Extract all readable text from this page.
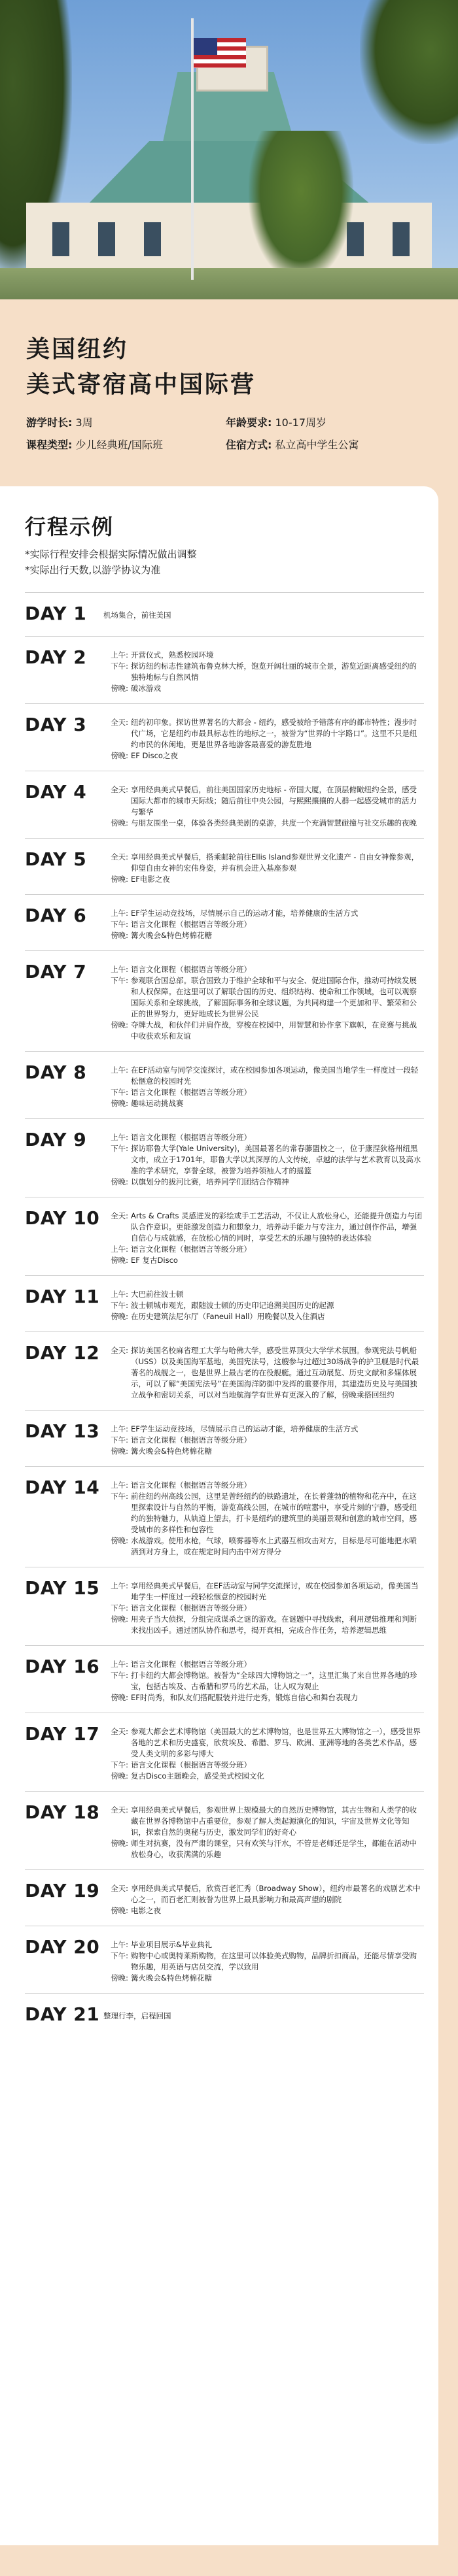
美国纽约
美式寄宿高中国际营
游学时长: 3周	年龄要求: 10-17周岁
课程类型: 少儿经典班/国际班	住宿方式: 私立高中学生公寓
行程示例
*实际行程安排会根据实际情况做出调整
*实际出行天数,以游学协议为准
DAY 1	机场集合，前往美国
DAY 2	上午: 开营仪式，熟悉校园环境
下午: 探访纽约标志性建筑布鲁克林大桥，饱览开阔壮丽的城市全景，游览近距离感受纽约的独特地标与自然风情
傍晚: 破冰游戏
DAY 3	全天: 纽约初印象。探访世界著名的大都会 - 纽约，感受被给予错落有序的都市特性；漫步时代广场，它是纽约市最具标志性的地标之一，被誉为“世界的十字路口”。这里不只是纽约市民的休闲地，更是世界各地游客最喜爱的游览胜地
傍晚: EF Disco之夜
DAY 4	全天: 享用经典美式早餐后，前往美国国家历史地标 - 帝国大厦，在顶层俯瞰纽约全景，感受国际大都市的城市天际线；随后前往中央公园，与熙熙攘攘的人群一起感受城市的活力与繁华
傍晚: 与朋友围坐一桌，体验各类经典美剧的桌游，共度一个充满智慧碰撞与社交乐趣的夜晚
DAY 5	全天: 享用经典美式早餐后，搭乘邮轮前往Ellis Island参观世界文化遗产 - 自由女神像参观，仰望自由女神的宏伟身姿，并有机会进入基座参观
傍晚: EF电影之夜
DAY 6	上午: EF学生运动竞技场，尽情展示自己的运动才能，培养健康的生活方式
下午: 语言文化课程（根据语言等级分班）
傍晚: 篝火晚会&特色烤棉花糖
DAY 7	上午: 语言文化课程（根据语言等级分班）
下午: 参观联合国总部。联合国致力于维护全球和平与安全、促进国际合作，推动可持续发展和人权保障。在这里可以了解联合国的历史、组织结构、使命和工作领域，也可以观察国际关系和全球挑战，了解国际事务和全球议题，为共同构建一个更加和平、繁荣和公正的世界努力，更好地成长为世界公民
傍晚: 夺牌大战，和伙伴们并肩作战，穿梭在校园中，用智慧和协作拿下旗帜，在竞赛与挑战中收获欢乐和友谊
DAY 8	上午: 在EF活动室与同学交流探讨，或在校园参加各项运动，像美国当地学生一样度过一段轻松惬意的校园时光
下午: 语言文化课程（根据语言等级分班）
傍晚: 趣味运动挑战赛
DAY 9	上午: 语言文化课程（根据语言等级分班）
下午: 探访耶鲁大学(Yale University)，美国最著名的常春藤盟校之一，位于康涅狄格州纽黑文市，成立于1701年，耶鲁大学以其深厚的人文传统，卓越的法学与艺术教育以及高水准的学术研究，享誉全球，被誉为培养领袖人才的摇篮
傍晚: 以旗划分的拔河比赛，培养同学们团结合作精神
DAY 10	全天: Arts & Crafts 灵感迸发的彩绘或手工艺活动，不仅让人放松身心，还能提升创造力与团队合作意识。更能激发创造力和想象力，培养动手能力与专注力，通过创作作品，增强自信心与成就感，在放松心情的同时，享受艺术的乐趣与独特的表达体验
上午: 语言文化课程（根据语言等级分班）
傍晚: EF 复古Disco
DAY 11	上午: 大巴前往波士顿
下午: 波士顿城市观光，跟随波士顿的历史印记追溯美国历史的起源
傍晚: 在历史建筑法尼尔厅（Faneuil Hall）用晚餐以及入住酒店
DAY 12	全天: 探访美国名校麻省理工大学与哈佛大学，感受世界顶尖大学学术氛围。参观宪法号帆船（USS）以及美国海军基地，美国宪法号，这艘参与过超过30场战争的护卫舰是时代最著名的战舰之一，也是世界上最古老的在役舰艇。通过互动展览、历史文献和多媒体展示，可以了解“美国宪法号”在美国海洋防御中发挥的重要作用，其建造历史及与美国独立战争和密切关系，可以对当地航海学有世界有更深入的了解，傍晚乘搭回纽约
DAY 13	上午: EF学生运动竞技场，尽情展示自己的运动才能，培养健康的生活方式
下午: 语言文化课程（根据语言等级分班）
傍晚: 篝火晚会&特色烤棉花糖
DAY 14	上午: 语言文化课程（根据语言等级分班）
下午: 前往纽约州高线公园，这里是曾经纽约的铁路遗址，在长着蓬勃的植物和花卉中，在这里探索设计与自然的平衡，游览高线公园，在城市的喧嚣中，享受片刻的宁静，感受纽约的独特魅力，从轨道上望去，打卡是纽约的建筑里的美丽景观和创意的城市空间，感受城市的多样性和包容性
傍晚: 水战游戏。使用水枪，气球，喷雾器等水上武器互相攻击对方，目标是尽可能地把水喷洒到对方身上，或在规定时间内击中对方得分
DAY 15	上午: 享用经典美式早餐后，在EF活动室与同学交流探讨，或在校园参加各项运动，像美国当地学生一样度过一段轻松惬意的校园时光
下午: 语言文化课程（根据语言等级分班）
傍晚: 用夹子当大侦探，分组完成谋杀之谜的游戏。在谜题中寻找线索，利用逻辑推理和判断来找出凶手。通过团队协作和思考，揭开真相，完成合作任务，培养逻辑思维
DAY 16	上午: 语言文化课程（根据语言等级分班）
下午: 打卡纽约大都会博物馆。被誉为“全球四大博物馆之一”，这里汇集了来自世界各地的珍宝，包括古埃及、古希腊和罗马的艺术品，让人叹为观止
傍晚: EF时尚秀，和队友们搭配服装并进行走秀，锻炼自信心和舞台表现力
DAY 17	全天: 参观大都会艺术博物馆（美国最大的艺术博物馆，也是世界五大博物馆之一），感受世界各地的艺术和历史盛宴，欣赏埃及、希腊、罗马、欧洲、亚洲等地的各类艺术作品，感受人类文明的多彩与博大
下午: 语言文化课程（根据语言等级分班）
傍晚: 复古Disco主题晚会，感受美式校园文化
DAY 18	全天: 享用经典美式早餐后，参观世界上规模最大的自然历史博物馆，其古生物和人类学的收藏在世界各博物馆中占重要位，参观了解人类起源演化的知识，宇宙及世界文化等知识，探索自然的奥秘与历史，激发同学们的好奇心
傍晚: 师生对抗赛，没有严肃的课堂，只有欢笑与汗水，不管是老师还是学生，都能在活动中放松身心，收获满满的乐趣
DAY 19	全天: 享用经典美式早餐后，欣赏百老汇秀（Broadway Show），纽约市最著名的戏剧艺术中心之一，而百老汇则被誉为世界上最具影响力和最高声望的剧院
傍晚: 电影之夜
DAY 20	上午: 毕业项目展示&毕业典礼
下午: 购物中心或奥特莱斯购物，在这里可以体验美式购物，品牌折扣商品，还能尽情享受购物乐趣，用英语与店员交流，学以致用
傍晚: 篝火晚会&特色烤棉花糖
DAY 21 整理行李，启程回国
